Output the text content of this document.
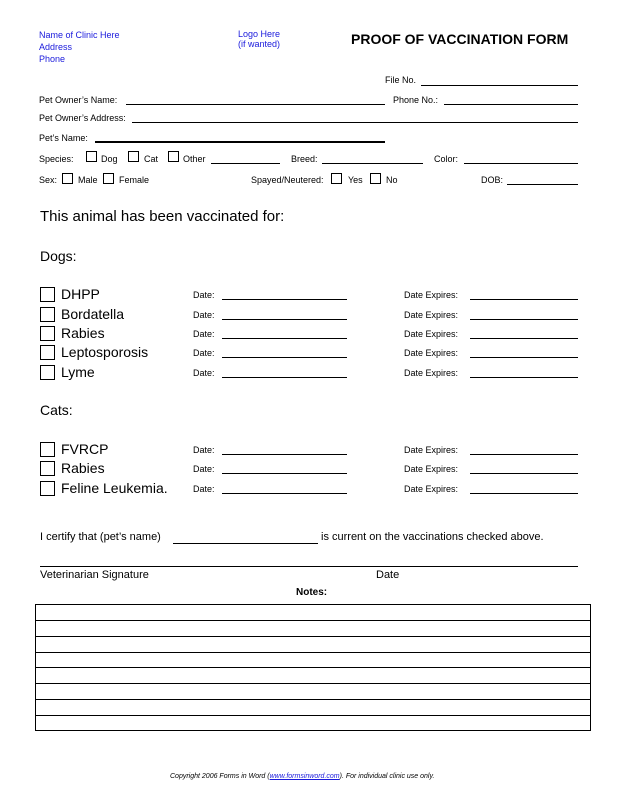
Name of Clinic Here
Address
Phone
Logo Here
(if wanted)	PROOF OF VACCINATION FORM
File No.
Pet Owner’s Name:	Phone No.:
Pet Owner’s Address:
Pet’s Name:
Species:	Dog	Cat	Other	Breed:	Color:
Sex: Male Female	Spayed/Neutered:	Yes	No	DOB:
This animal has been vaccinated for:
Dogs:
DHPP	Date:	Date Expires:
Bordatella	Date:	Date Expires:
Rabies	Date:	Date Expires:
Leptosporosis	Date:	Date Expires:
Lyme	Date:	Date Expires:
Cats:
FVRCP	Date:	Date Expires:
Rabies	Date:	Date Expires:
Feline Leukemia.	Date:	Date Expires:
I certify that (pet’s name)	is current on the vaccinations checked above.
Veterinarian Signature	Date
Notes:
Copyright 2006 Forms in Word (www.formsinword.com). For individual clinic use only.
